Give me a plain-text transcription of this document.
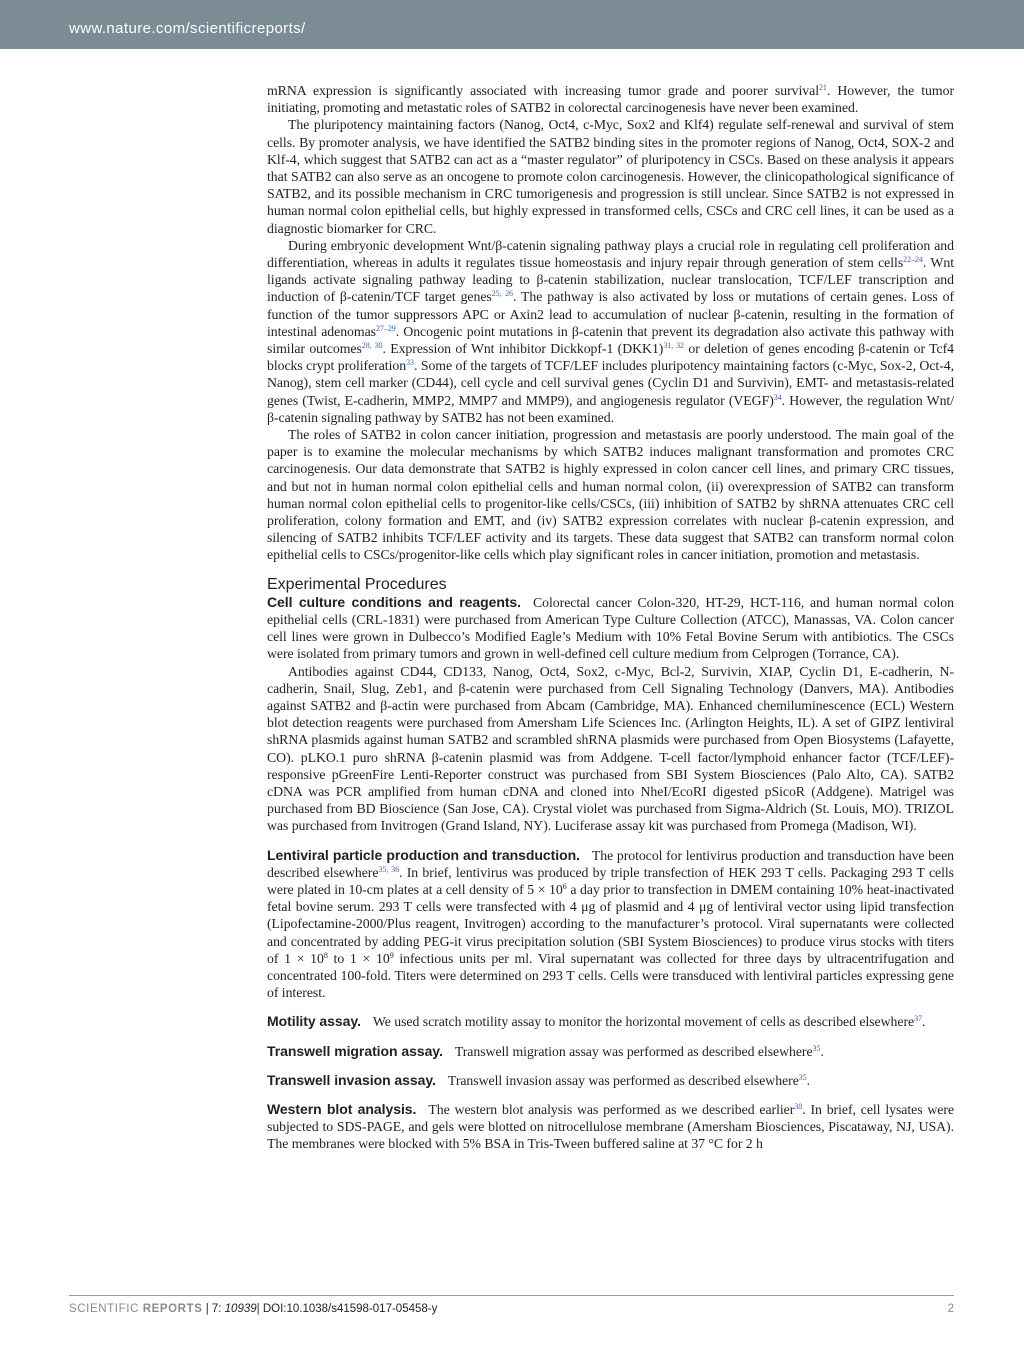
www.nature.com/scientificreports/

mRNA expression is significantly associated with increasing tumor grade and poorer survival$^{21}$. However, the tumor initiating, promoting and metastatic roles of SATB2 in colorectal carcinogenesis have never been examined.

The pluripotency maintaining factors (Nanog, Oct4, c-Myc, Sox2 and Klf4) regulate self-renewal and survival of stem cells. By promoter analysis, we have identified the SATB2 binding sites in the promoter regions of Nanog, Oct4, SOX-2 and Klf-4, which suggest that SATB2 can act as a “master regulator” of pluripotency in CSCs. Based on these analysis it appears that SATB2 can also serve as an oncogene to promote colon carcinogenesis. However, the clinicopathological significance of SATB2, and its possible mechanism in CRC tumorigenesis and progression is still unclear. Since SATB2 is not expressed in human normal colon epithelial cells, but highly expressed in transformed cells, CSCs and CRC cell lines, it can be used as a diagnostic biomarker for CRC.

During embryonic development Wnt/β-catenin signaling pathway plays a crucial role in regulating cell proliferation and differentiation, whereas in adults it regulates tissue homeostasis and injury repair through generation of stem cells$^{22-24}$. Wnt ligands activate signaling pathway leading to β-catenin stabilization, nuclear translocation, TCF/LEF transcription and induction of β-catenin/TCF target genes$^{25, 26}$. The pathway is also activated by loss or mutations of certain genes. Loss of function of the tumor suppressors APC or Axin2 lead to accumulation of nuclear β-catenin, resulting in the formation of intestinal adenomas$^{27-29}$. Oncogenic point mutations in β-catenin that prevent its degradation also activate this pathway with similar outcomes$^{28, 30}$. Expression of Wnt inhibitor Dickkopf-1 $(DKK1)^{31, 32}$ or deletion of genes encoding β-catenin or Tcf4 blocks crypt proliferation$^{33}$. Some of the targets of TCF/LEF includes pluripotency maintaining factors (c-Myc, Sox-2, Oct-4, Nanog), stem cell marker (CD44), cell cycle and cell survival genes (Cyclin D1 and Survivin), EMT- and metastasis-related genes (Twist, E-cadherin, MMP2, MMP7 and MMP9), and angiogenesis regulator (VEGF)$^{34}$. However, the regulation Wnt/β-catenin signaling pathway by SATB2 has not been examined.

The roles of SATB2 in colon cancer initiation, progression and metastasis are poorly understood. The main goal of the paper is to examine the molecular mechanisms by which SATB2 induces malignant transformation and promotes CRC carcinogenesis. Our data demonstrate that SATB2 is highly expressed in colon cancer cell lines, and primary CRC tissues, and but not in human normal colon epithelial cells and human normal colon, (ii) overexpression of SATB2 can transform human normal colon epithelial cells to progenitor-like cells/CSCs, (iii) inhibition of SATB2 by shRNA attenuates CRC cell proliferation, colony formation and EMT, and (iv) SATB2 expression correlates with nuclear β-catenin expression, and silencing of SATB2 inhibits TCF/LEF activity and its targets. These data suggest that SATB2 can transform normal colon epithelial cells to CSCs/progenitor-like cells which play significant roles in cancer initiation, promotion and metastasis.

Experimental Procedures

Cell culture conditions and reagents. Colorectal cancer Colon-320, HT-29, HCT-116, and human normal colon epithelial cells (CRL-1831) were purchased from American Type Culture Collection (ATCC), Manassas, VA. Colon cancer cell lines were grown in Dulbecco’s Modified Eagle’s Medium with 10% Fetal Bovine Serum with antibiotics. The CSCs were isolated from primary tumors and grown in well-defined cell culture medium from Celprogen (Torrance, CA).

Antibodies against CD44, CD133, Nanog, Oct4, Sox2, c-Myc, Bcl-2, Survivin, XIAP, Cyclin D1, E-cadherin, N-cadherin, Snail, Slug, Zeb1, and β-catenin were purchased from Cell Signaling Technology (Danvers, MA). Antibodies against SATB2 and β-actin were purchased from Abcam (Cambridge, MA). Enhanced chemiluminescence (ECL) Western blot detection reagents were purchased from Amersham Life Sciences Inc. (Arlington Heights, IL). A set of GIPZ lentiviral shRNA plasmids against human SATB2 and scrambled shRNA plasmids were purchased from Open Biosystems (Lafayette, CO). pLKO.1 puro shRNA β-catenin plasmid was from Addgene. T-cell factor/lymphoid enhancer factor (TCF/LEF)-responsive pGreenFire Lenti-Reporter construct was purchased from SBI System Biosciences (Palo Alto, CA). SATB2 cDNA was PCR amplified from human cDNA and cloned into NheI/EcoRI digested pSicoR (Addgene). Matrigel was purchased from BD Bioscience (San Jose, CA). Crystal violet was purchased from Sigma-Aldrich (St. Louis, MO). TRIZOL was purchased from Invitrogen (Grand Island, NY). Luciferase assay kit was purchased from Promega (Madison, WI).

Lentiviral particle production and transduction. The protocol for lentivirus production and transduction have been described elsewhere$^{35, 36}$. In brief, lentivirus was produced by triple transfection of HEK 293 T cells. Packaging 293 T cells were plated in 10-cm plates at a cell density of $5 \times 10^6$ a day prior to transfection in DMEM containing 10% heat-inactivated fetal bovine serum. 293 T cells were transfected with 4 μg of plasmid and 4 μg of lentiviral vector using lipid transfection (Lipofectamine-2000/Plus reagent, Invitrogen) according to the manufacturer’s protocol. Viral supernatants were collected and concentrated by adding PEG-it virus precipitation solution (SBI System Biosciences) to produce virus stocks with titers of $1 \times 10^8$ to $1 \times 10^9$ infectious units per ml. Viral supernatant was collected for three days by ultracentrifugation and concentrated 100-fold. Titers were determined on 293 T cells. Cells were transduced with lentiviral particles expressing gene of interest.

Motility assay. We used scratch motility assay to monitor the horizontal movement of cells as described elsewhere$^{37}$.

Transwell migration assay. Transwell migration assay was performed as described elsewhere$^{35}$.

Transwell invasion assay. Transwell invasion assay was performed as described elsewhere$^{35}$.

Western blot analysis. The western blot analysis was performed as we described earlier$^{38}$. In brief, cell lysates were subjected to SDS-PAGE, and gels were blotted on nitrocellulose membrane (Amersham Biosciences, Piscataway, NJ, USA). The membranes were blocked with 5% BSA in Tris-Tween buffered saline at 37 °C for 2 h

SCIENTIFIC REPORTS | 7: 10939| DOI:10.1038/s41598-017-05458-y	2
